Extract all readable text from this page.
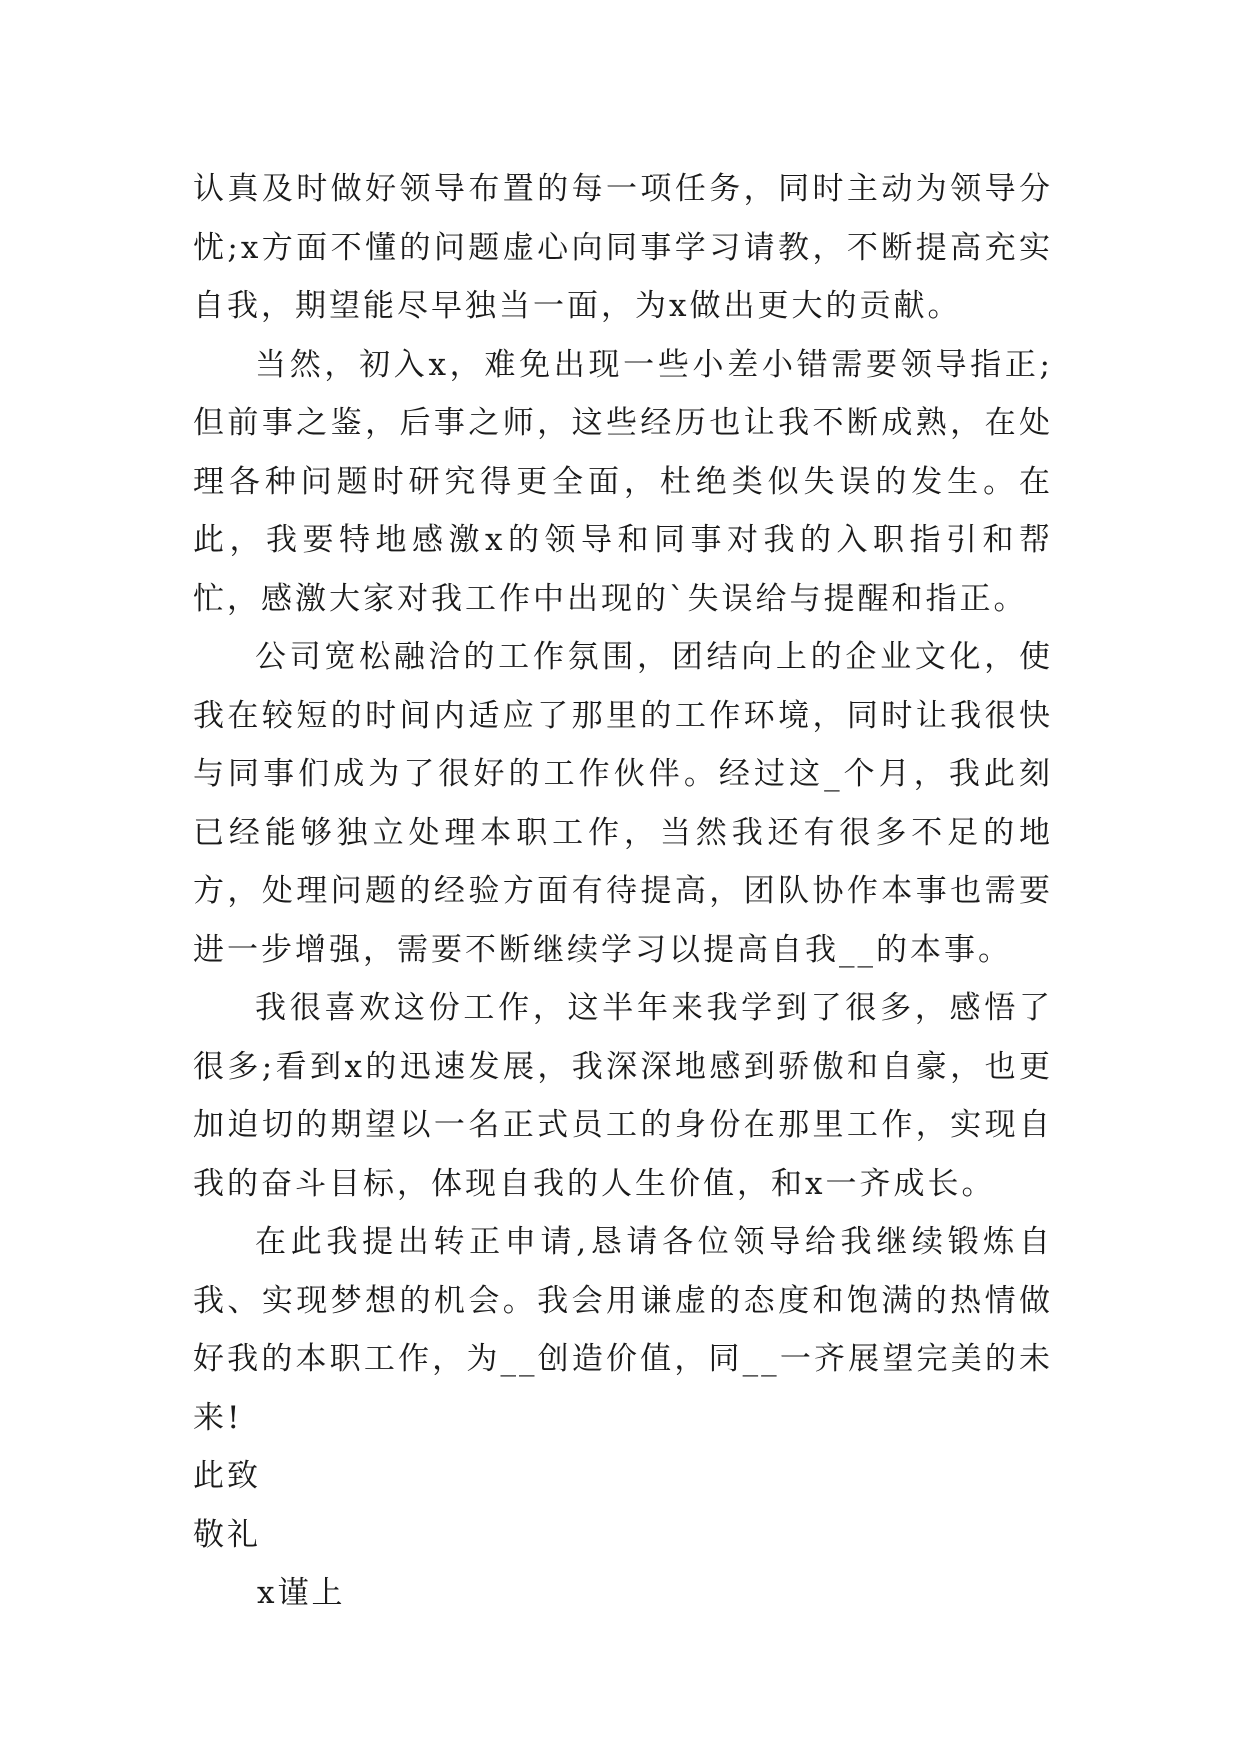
认真及时做好领导布置的每一项任务，同时主动为领导分忧;x方面不懂的问题虚心向同事学习请教，不断提高充实自我，期望能尽早独当一面，为x做出更大的贡献。

当然，初入x，难免出现一些小差小错需要领导指正;但前事之鉴，后事之师，这些经历也让我不断成熟，在处理各种问题时研究得更全面，杜绝类似失误的发生。在此，我要特地感激x的领导和同事对我的入职指引和帮忙，感激大家对我工作中出现的`失误给与提醒和指正。

公司宽松融洽的工作氛围，团结向上的企业文化，使我在较短的时间内适应了那里的工作环境，同时让我很快与同事们成为了很好的工作伙伴。经过这_个月，我此刻已经能够独立处理本职工作，当然我还有很多不足的地方，处理问题的经验方面有待提高，团队协作本事也需要进一步增强，需要不断继续学习以提高自我__的本事。

我很喜欢这份工作，这半年来我学到了很多，感悟了很多;看到x的迅速发展，我深深地感到骄傲和自豪，也更加迫切的期望以一名正式员工的身份在那里工作，实现自我的奋斗目标，体现自我的人生价值，和x一齐成长。

在此我提出转正申请,恳请各位领导给我继续锻炼自我、实现梦想的机会。我会用谦虚的态度和饱满的热情做好我的本职工作，为__创造价值，同__一齐展望完美的未来!

此致

敬礼

x谨上
